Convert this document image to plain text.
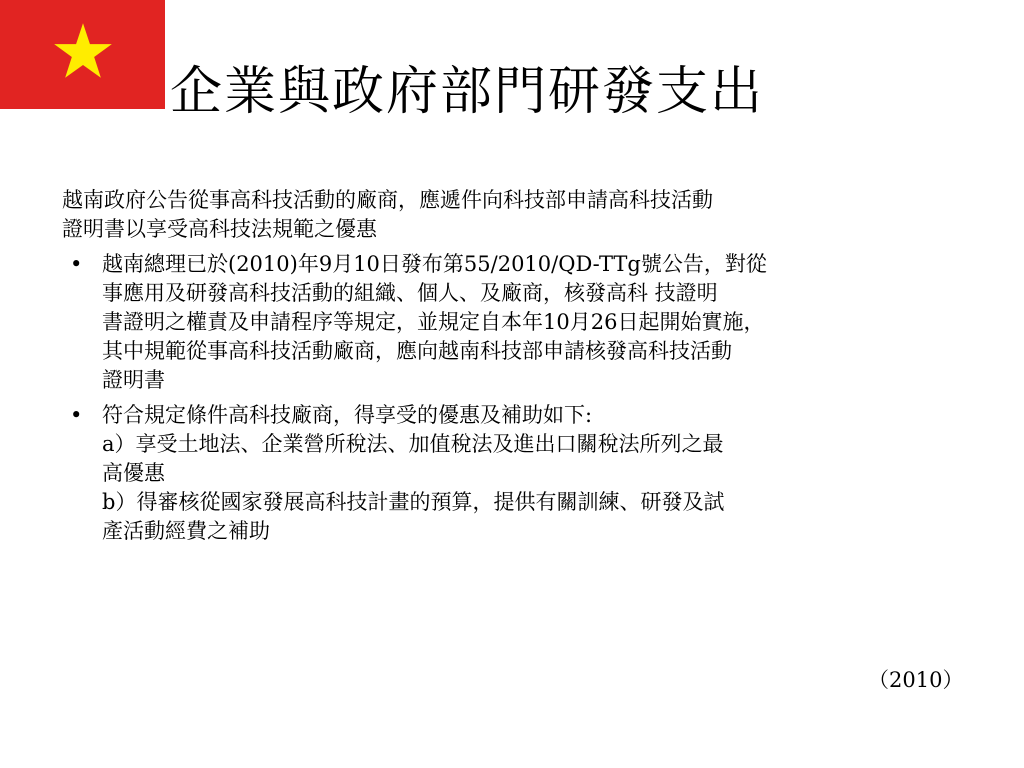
企業與政府部門研發支出
越南政府公告從事高科技活動的廠商，應遞件向科技部申請高科技活動
證明書以享受高科技法規範之優惠
• 越南總理已於(2010)年9月10日發布第55/2010/QD-TTg號公告，對從
事應用及研發高科技活動的組織、個人、及廠商，核發高科 技證明
書證明之權責及申請程序等規定，並規定自本年10月26日起開始實施，
其中規範從事高科技活動廠商，應向越南科技部申請核發高科技活動
證明書
• 符合規定條件高科技廠商，得享受的優惠及補助如下:
a）享受土地法、企業營所稅法、加值稅法及進出口關稅法所列之最
高優惠
b）得審核從國家發展高科技計畫的預算，提供有關訓練、研發及試
產活動經費之補助
（2010）
